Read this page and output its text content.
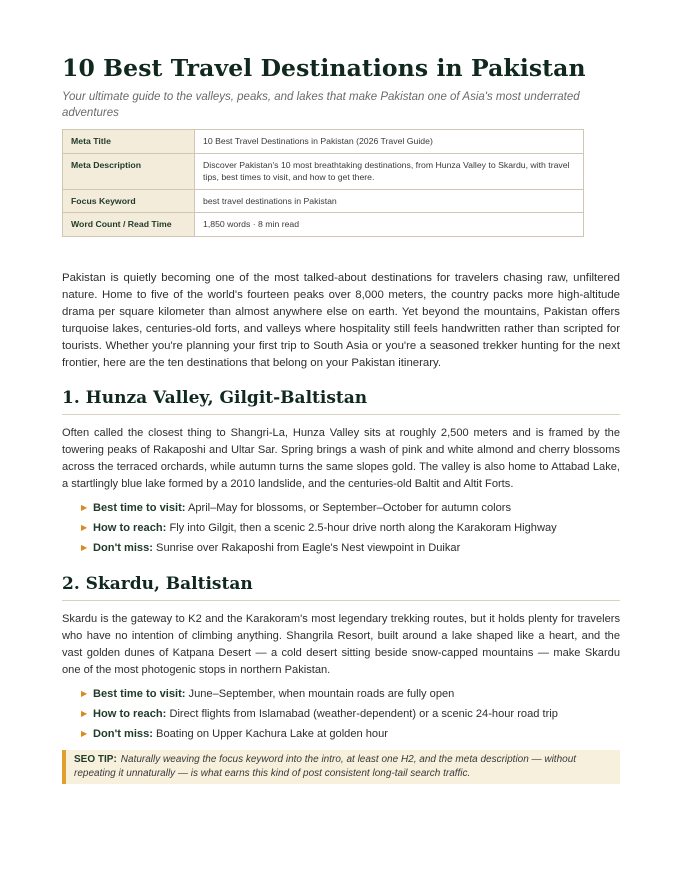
10 Best Travel Destinations in Pakistan

Your ultimate guide to the valleys, peaks, and lakes that make Pakistan one of Asia's most underrated adventures

Meta Title	10 Best Travel Destinations in Pakistan (2026 Travel Guide)
Meta Description	Discover Pakistan's 10 most breathtaking destinations, from Hunza Valley to Skardu, with travel tips, best times to visit, and how to get there.
Focus Keyword	best travel destinations in Pakistan
Word Count / Read Time	1,850 words · 8 min read

Pakistan is quietly becoming one of the most talked-about destinations for travelers chasing raw, unfiltered nature. Home to five of the world's fourteen peaks over 8,000 meters, the country packs more high-altitude drama per square kilometer than almost anywhere else on earth. Yet beyond the mountains, Pakistan offers turquoise lakes, centuries-old forts, and valleys where hospitality still feels handwritten rather than scripted for tourists. Whether you're planning your first trip to South Asia or you're a seasoned trekker hunting for the next frontier, here are the ten destinations that belong on your Pakistan itinerary.

1. Hunza Valley, Gilgit-Baltistan

Often called the closest thing to Shangri-La, Hunza Valley sits at roughly 2,500 meters and is framed by the towering peaks of Rakaposhi and Ultar Sar. Spring brings a wash of pink and white almond and cherry blossoms across the terraced orchards, while autumn turns the same slopes gold. The valley is also home to Attabad Lake, a startlingly blue lake formed by a 2010 landslide, and the centuries-old Baltit and Altit Forts.

▶ Best time to visit: April–May for blossoms, or September–October for autumn colors
▶ How to reach: Fly into Gilgit, then a scenic 2.5-hour drive north along the Karakoram Highway
▶ Don't miss: Sunrise over Rakaposhi from Eagle's Nest viewpoint in Duikar
2. Skardu, Baltistan

Skardu is the gateway to K2 and the Karakoram's most legendary trekking routes, but it holds plenty for travelers who have no intention of climbing anything. Shangrila Resort, built around a lake shaped like a heart, and the vast golden dunes of Katpana Desert — a cold desert sitting beside snow-capped mountains — make Skardu one of the most photogenic stops in northern Pakistan.

▶ Best time to visit: June–September, when mountain roads are fully open
▶ How to reach: Direct flights from Islamabad (weather-dependent) or a scenic 24-hour road trip
▶ Don't miss: Boating on Upper Kachura Lake at golden hour
SEO TIP: Naturally weaving the focus keyword into the intro, at least one H2, and the meta description — without repeating it unnaturally — is what earns this kind of post consistent long-tail search traffic.
